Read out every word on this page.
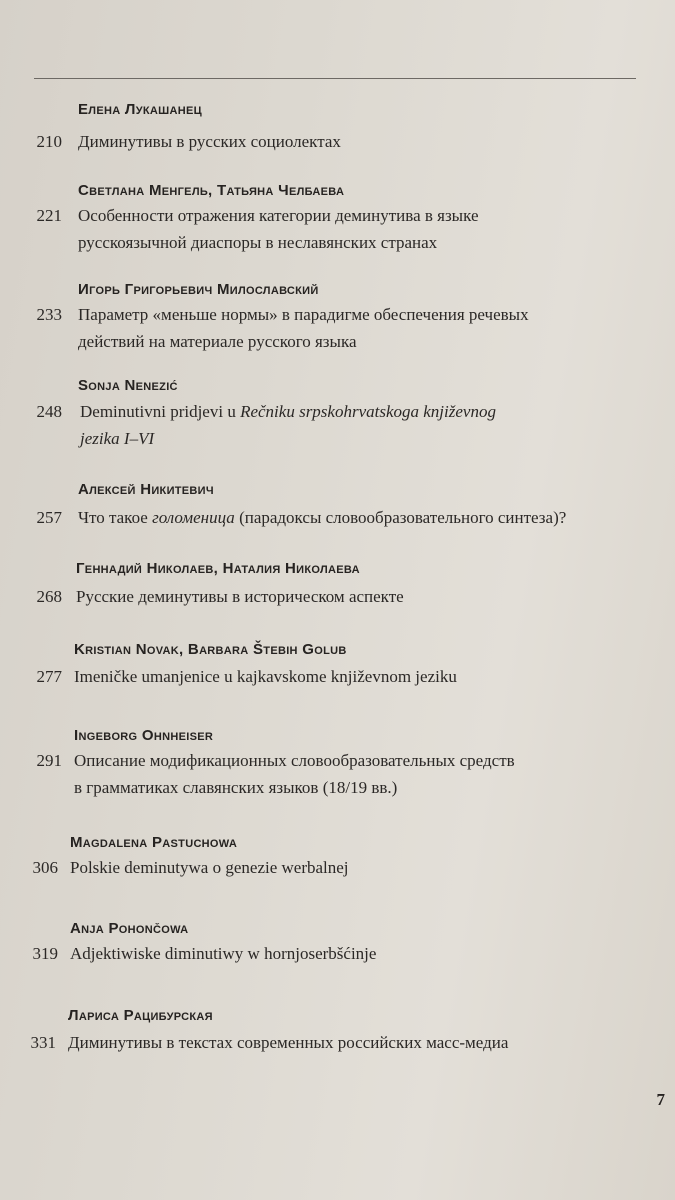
Елена Лукашанец
210 Диминутивы в русских социолектах
Светлана Менгель, Татьяна Челбаева
221 Особенности отражения категории деминутива в языке
русскоязычной диаспоры в неславянских странах
Игорь Григорьевич Милославский
233 Параметр «меньше нормы» в парадигме обеспечения речевых
действий на материале русского языка
Sonja Nenezić
248 Deminutivni pridjevi u Rečniku srpskohrvatskoga književnog
jezika I–VI
Алексей Никитевич
257 Что такое голоменица (парадоксы словообразовательного синтеза)?
Геннадий Николаев, Наталия Николаева
268 Русские деминутивы в историческом аспекте
Kristian Novak, Barbara Štebih Golub
277 Imeničke umanjenice u kajkavskome književnom jeziku
Ingeborg Ohnheiser
291 Описание модификационных словообразовательных средств
в грамматиках славянских языков (18/19 вв.)
Magdalena Pastuchowa
306 Polskie deminutywa o genezie werbalnej
Anja Pohončowa
319 Adjektiwiske diminutiwy w hornjoserbšćinje
Лариса Рацибурская
331 Диминутивы в текстах современных российских масс-медиа
7
